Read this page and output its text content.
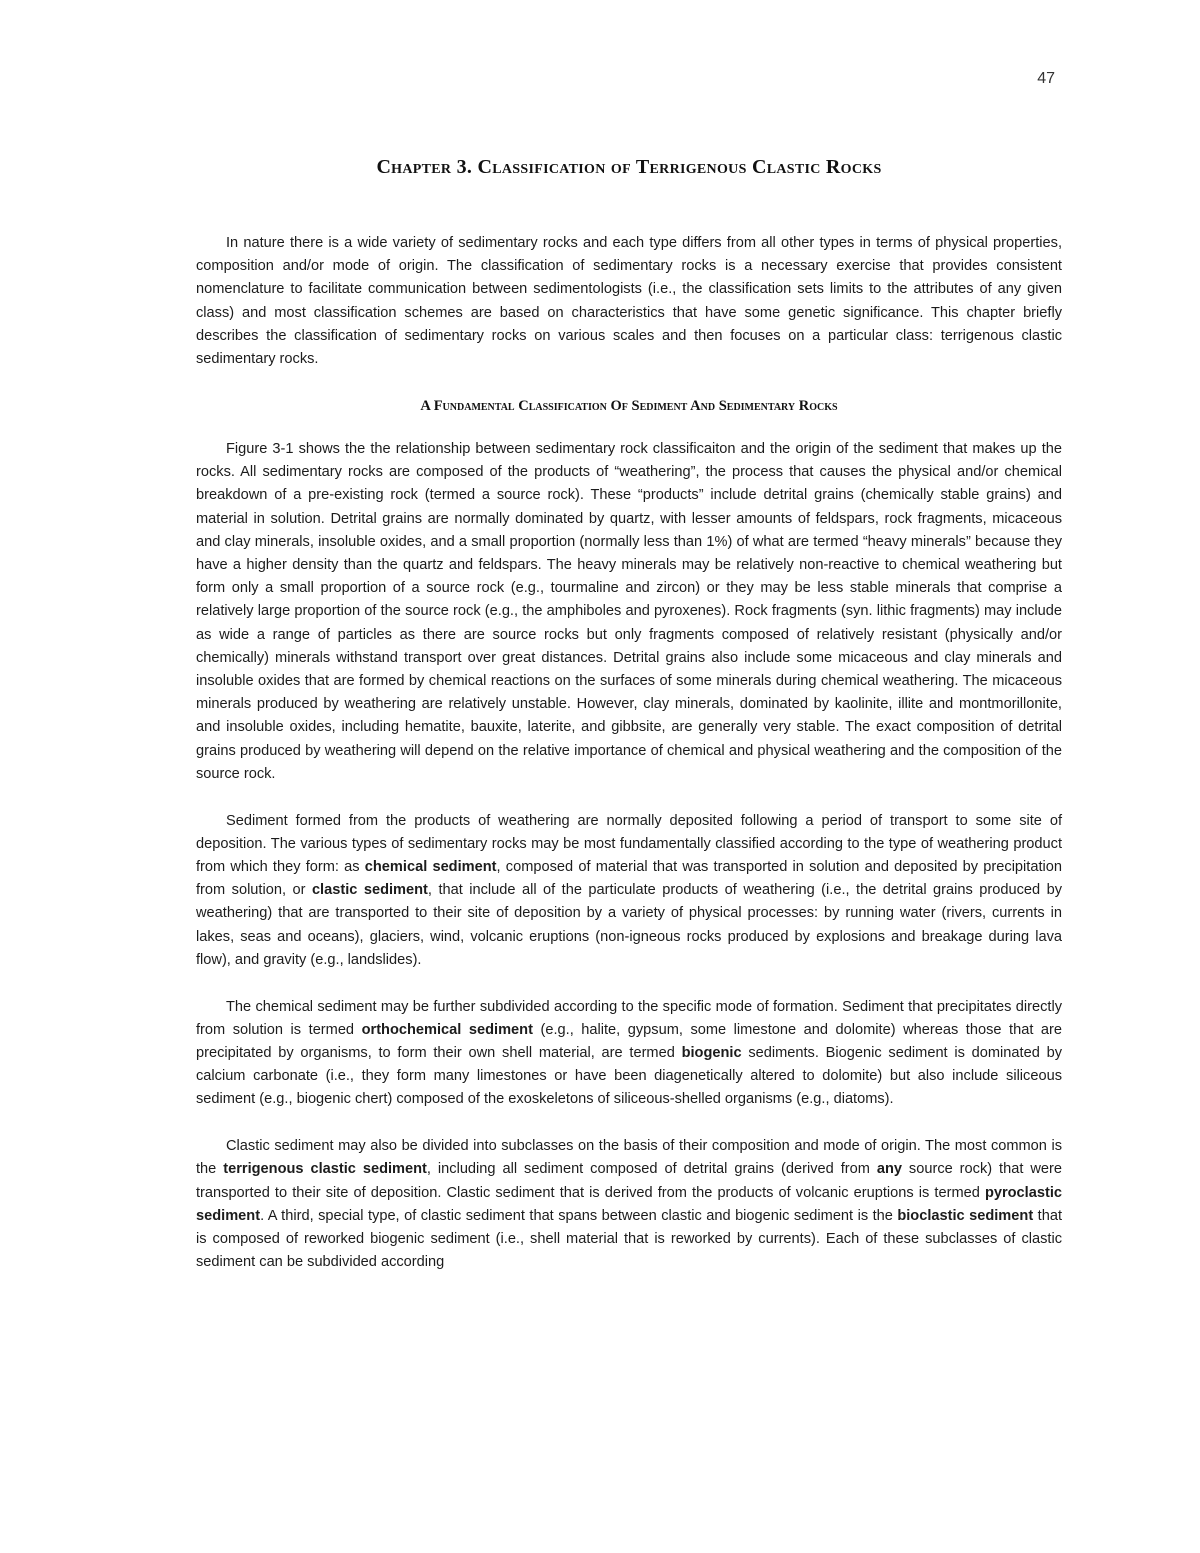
47
Chapter 3. Classification of Terrigenous Clastic Rocks

In nature there is a wide variety of sedimentary rocks and each type differs from all other types in terms of physical properties, composition and/or mode of origin. The classification of sedimentary rocks is a necessary exercise that provides consistent nomenclature to facilitate communication between sedimentologists (i.e., the classification sets limits to the attributes of any given class) and most classification schemes are based on characteristics that have some genetic significance. This chapter briefly describes the classification of sedimentary rocks on various scales and then focuses on a particular class: terrigenous clastic sedimentary rocks.

A Fundamental Classification Of Sediment And Sedimentary Rocks

Figure 3-1 shows the the relationship between sedimentary rock classificaiton and the origin of the sediment that makes up the rocks. All sedimentary rocks are composed of the products of “weathering”, the process that causes the physical and/or chemical breakdown of a pre-existing rock (termed a source rock). These “products” include detrital grains (chemically stable grains) and material in solution. Detrital grains are normally dominated by quartz, with lesser amounts of feldspars, rock fragments, micaceous and clay minerals, insoluble oxides, and a small proportion (normally less than 1%) of what are termed “heavy minerals” because they have a higher density than the quartz and feldspars. The heavy minerals may be relatively non-reactive to chemical weathering but form only a small proportion of a source rock (e.g., tourmaline and zircon) or they may be less stable minerals that comprise a relatively large proportion of the source rock (e.g., the amphiboles and pyroxenes). Rock fragments (syn. lithic fragments) may include as wide a range of particles as there are source rocks but only fragments composed of relatively resistant (physically and/or chemically) minerals withstand transport over great distances. Detrital grains also include some micaceous and clay minerals and insoluble oxides that are formed by chemical reactions on the surfaces of some minerals during chemical weathering. The micaceous minerals produced by weathering are relatively unstable. However, clay minerals, dominated by kaolinite, illite and montmorillonite, and insoluble oxides, including hematite, bauxite, laterite, and gibbsite, are generally very stable. The exact composition of detrital grains produced by weathering will depend on the relative importance of chemical and physical weathering and the composition of the source rock.

Sediment formed from the products of weathering are normally deposited following a period of transport to some site of deposition. The various types of sedimentary rocks may be most fundamentally classified according to the type of weathering product from which they form: as chemical sediment, composed of material that was transported in solution and deposited by precipitation from solution, or clastic sediment, that include all of the particulate products of weathering (i.e., the detrital grains produced by weathering) that are transported to their site of deposition by a variety of physical processes: by running water (rivers, currents in lakes, seas and oceans), glaciers, wind, volcanic eruptions (non-igneous rocks produced by explosions and breakage during lava flow), and gravity (e.g., landslides).

The chemical sediment may be further subdivided according to the specific mode of formation. Sediment that precipitates directly from solution is termed orthochemical sediment (e.g., halite, gypsum, some limestone and dolomite) whereas those that are precipitated by organisms, to form their own shell material, are termed biogenic sediments. Biogenic sediment is dominated by calcium carbonate (i.e., they form many limestones or have been diagenetically altered to dolomite) but also include siliceous sediment (e.g., biogenic chert) composed of the exoskeletons of siliceous-shelled organisms (e.g., diatoms).

Clastic sediment may also be divided into subclasses on the basis of their composition and mode of origin. The most common is the terrigenous clastic sediment, including all sediment composed of detrital grains (derived from any source rock) that were transported to their site of deposition. Clastic sediment that is derived from the products of volcanic eruptions is termed pyroclastic sediment. A third, special type, of clastic sediment that spans between clastic and biogenic sediment is the bioclastic sediment that is composed of reworked biogenic sediment (i.e., shell material that is reworked by currents). Each of these subclasses of clastic sediment can be subdivided according
